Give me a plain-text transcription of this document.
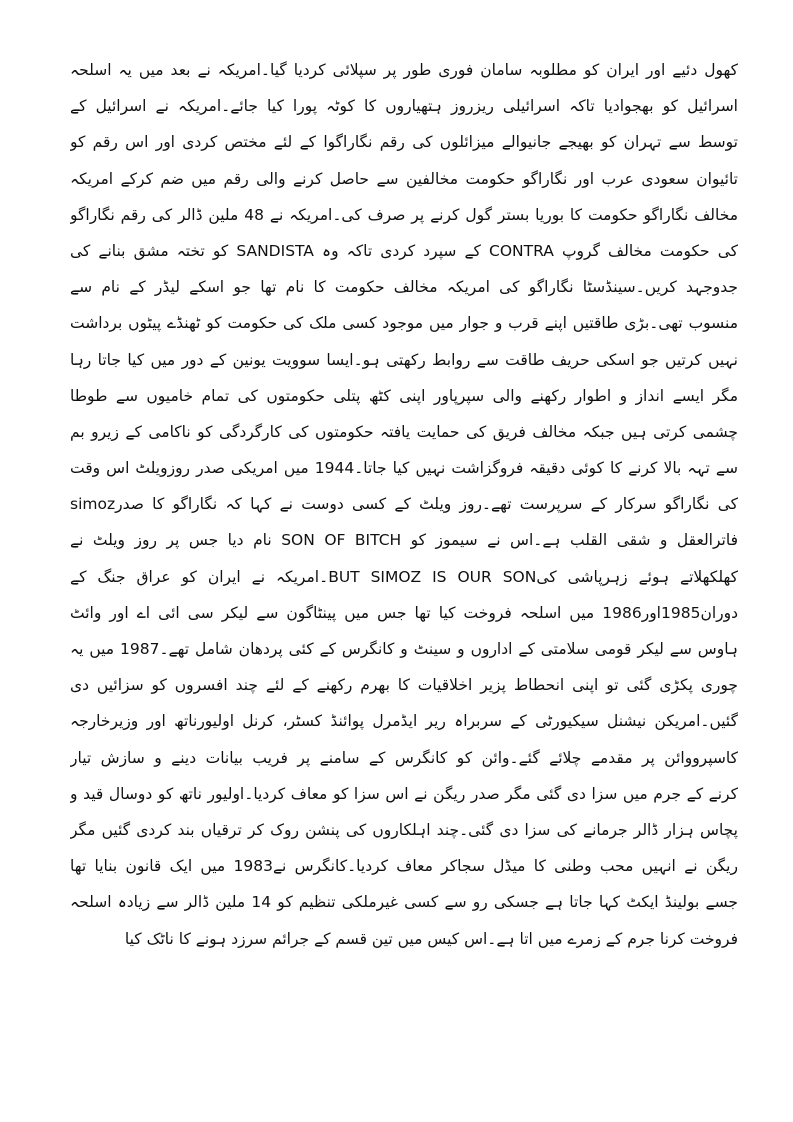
کھول دئیے اور ایران کو مطلوبہ سامان فوری طور پر سپلائی کردیا گیا۔امریکہ نے بعد میں یہ اسلحہ
اسرائیل کو بھجوادیا تاکہ اسرائیلی ریزروز ہتھیاروں کا کوٹہ پورا کیا جائے۔امریکہ نے اسرائیل کے
توسط سے تہران کو بھیجے جانیوالے میزائلوں کی رقم نگاراگوا کے لئے مختص کردی اور اس رقم کو
تائیوان سعودی عرب اور نگاراگو حکومت مخالفین سے حاصل کرنے والی رقم میں ضم کرکے امریکہ
مخالف نگاراگو حکومت کا بوریا بستر گول کرنے پر صرف کی۔امریکہ نے 48 ملین ڈالر کی رقم نگاراگو
کی حکومت مخالف گروپ CONTRA کے سپرد کردی تاکہ وہ SANDISTA کو تختہ مشق بنانے کی
جدوجہد کریں۔سینڈسٹا نگاراگو کی امریکہ مخالف حکومت کا نام تھا جو اسکے لیڈر کے نام سے
منسوب تھی۔بڑی طاقتیں اپنے قرب و جوار میں موجود کسی ملک کی حکومت کو ٹھنڈے پیٹوں برداشت
نہیں کرتیں جو اسکی حریف طاقت سے روابط رکھتی ہو۔ایسا سوویت یونین کے دور میں کیا جاتا رہا
مگر ایسے انداز و اطوار رکھنے والی سپرپاور اپنی کٹھ پتلی حکومتوں کی تمام خامیوں سے طوطا
چشمی کرتی ہیں جبکہ مخالف فریق کی حمایت یافتہ حکومتوں کی کارگردگی کو ناکامی کے زیرو بم
سے تہہ بالا کرنے کا کوئی دقیقہ فروگزاشت نہیں کیا جاتا۔1944 میں امریکی صدر روزویلٹ اس وقت
کی نگاراگو سرکار کے سرپرست تھے۔روز ویلٹ کے کسی دوست نے کہا کہ نگاراگو کا صدرsimoz
فاترالعقل و شقی القلب ہے۔اس نے سیموز کو SON OF BITCH نام دیا جس پر روز ویلٹ نے
کھلکھلاتے ہوئے زہرپاشی کیBUT SIMOZ IS OUR SON۔امریکہ نے ایران کو عراق جنگ کے
دوران1985اور1986 میں اسلحہ فروخت کیا تھا جس میں پینٹاگون سے لیکر سی ائی اے اور وائٹ
ہاوس سے لیکر قومی سلامتی کے اداروں و سینٹ و کانگرس کے کئی پردھان شامل تھے۔1987 میں یہ
چوری پکڑی گئی تو اپنی انحطاط پزیر اخلاقیات کا بھرم رکھنے کے لئے چند افسروں کو سزائیں دی
گئیں۔امریکن نیشنل سیکیورٹی کے سربراہ ریر ایڈمرل پوائنڈ کسٹر، کرنل اولیورناتھ اور وزیرخارجہ
کاسپرووائن پر مقدمے چلائے گئے۔وائن کو کانگرس کے سامنے پر فریب بیانات دینے و سازش تیار
کرنے کے جرم میں سزا دی گئی مگر صدر ریگن نے اس سزا کو معاف کردیا۔اولیور ناتھ کو دوسال قید و
پچاس ہزار ڈالر جرمانے کی سزا دی گئی۔چند اہلکاروں کی پنشن روک کر ترقیاں بند کردی گئیں مگر
ریگن نے انہیں محب وطنی کا میڈل سجاکر معاف کردیا۔کانگرس نے1983 میں ایک قانون بنایا تھا
جسے بولینڈ ایکٹ کہا جاتا ہے جسکی رو سے کسی غیرملکی تنظیم کو 14 ملین ڈالر سے زیادہ اسلحہ
فروخت کرنا جرم کے زمرے میں اتا ہے۔اس کیس میں تین قسم کے جرائم سرزد ہونے کا ناٹک کیا
